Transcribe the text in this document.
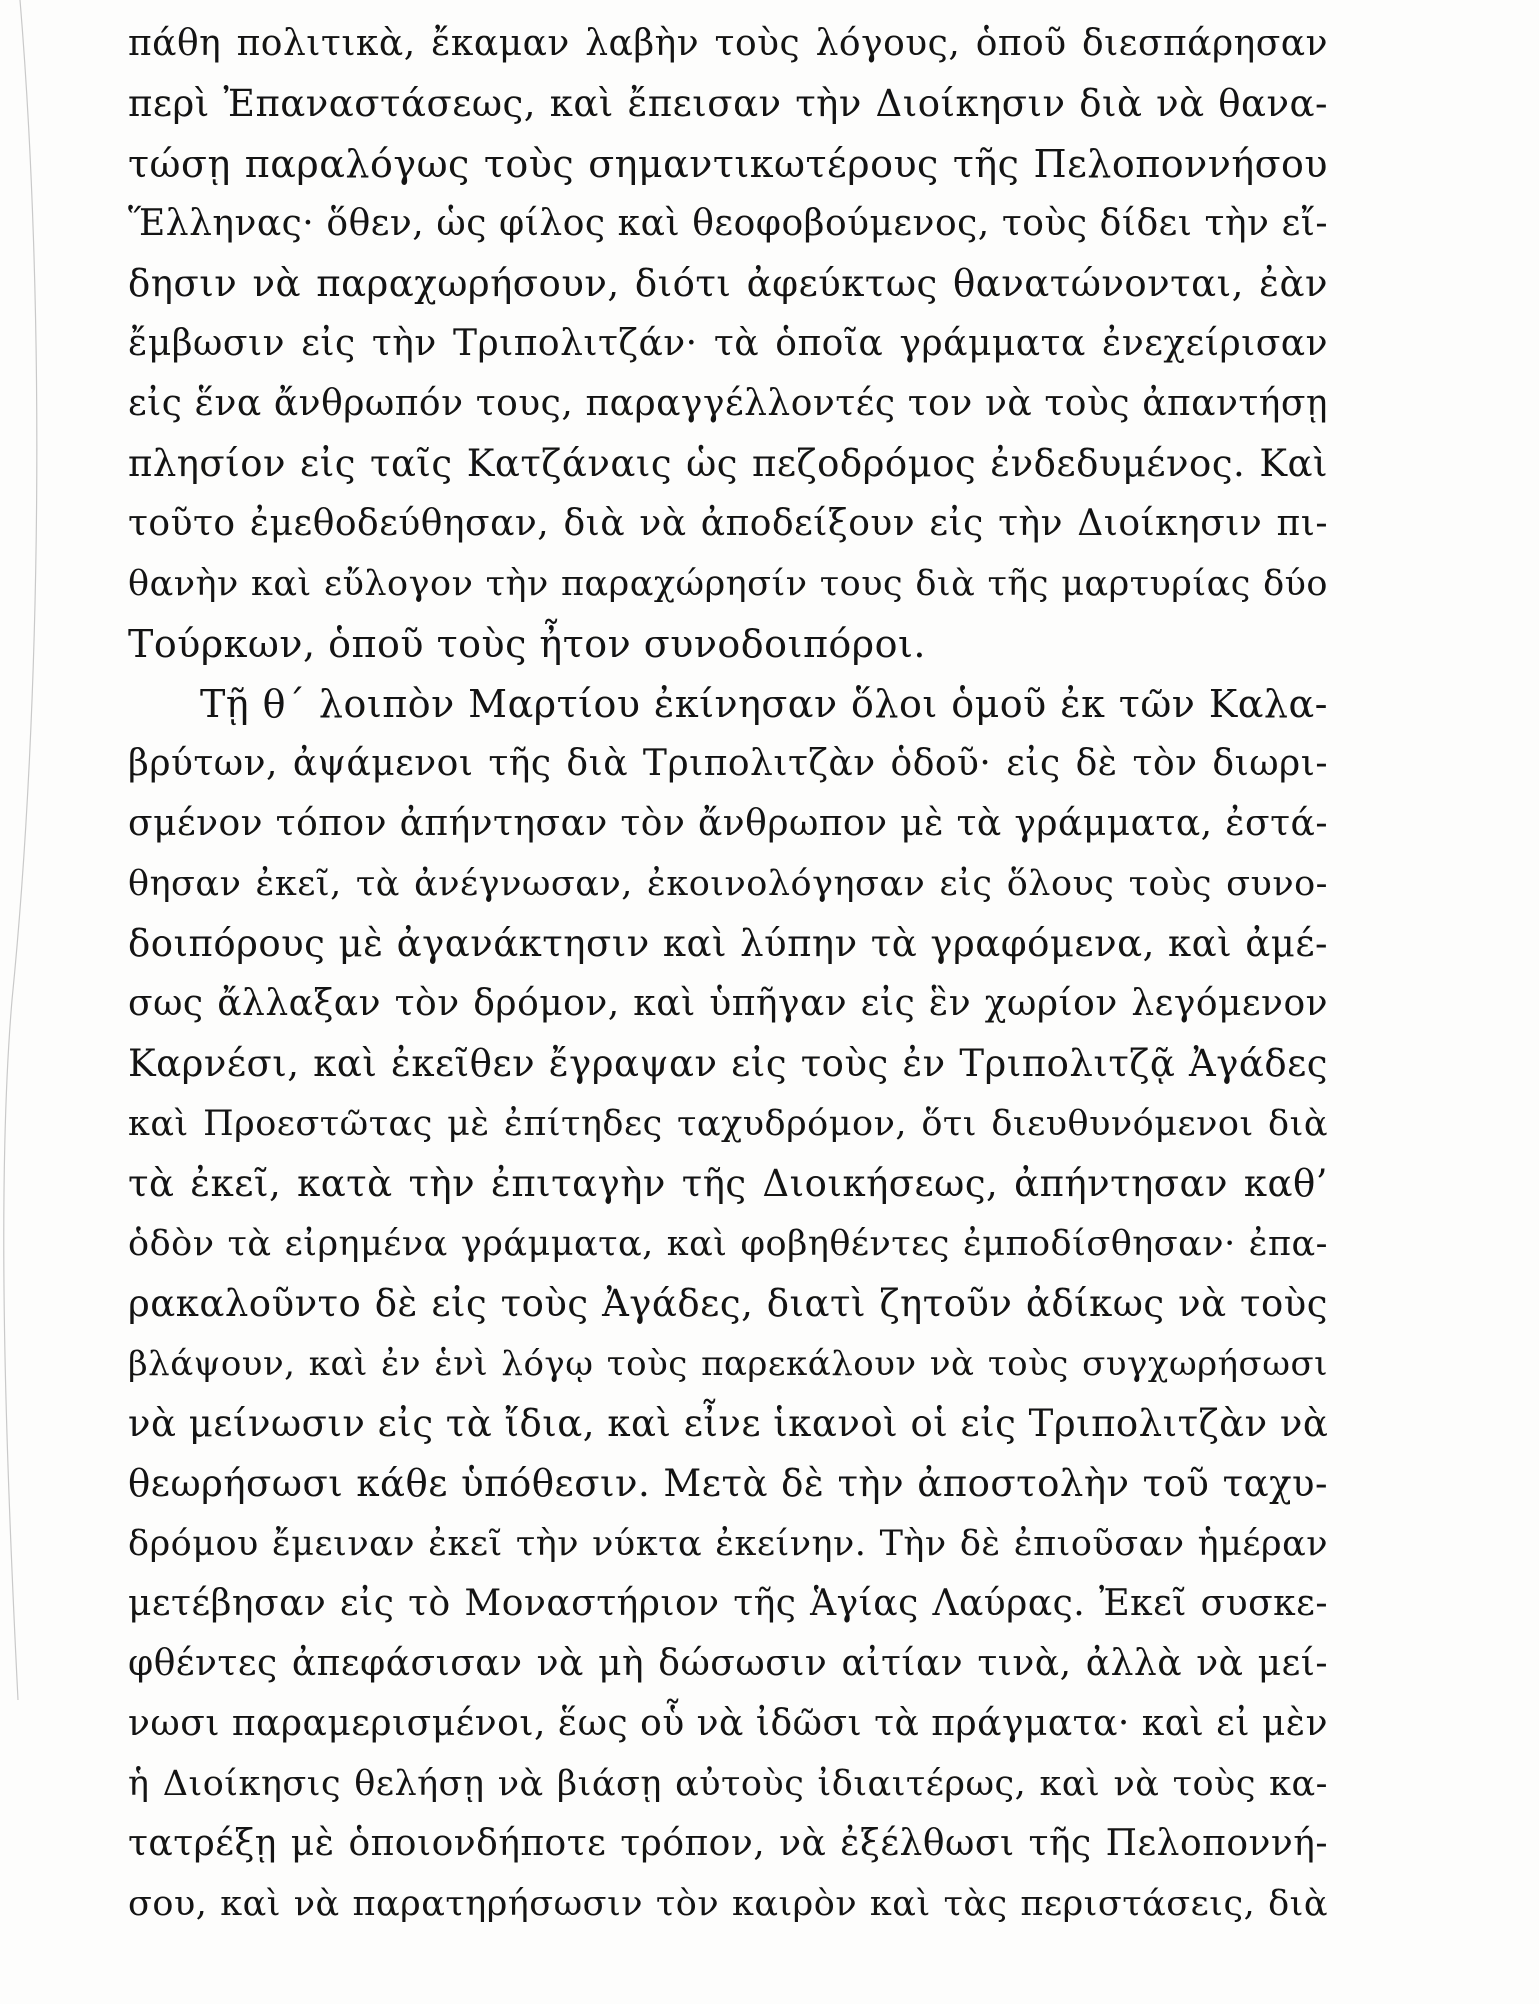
πάθη πολιτικὰ, ἔκαμαν λαβὴν τοὺς λόγους, ὁποῦ διεσπάρησαν
περὶ Ἐπαναστάσεως, καὶ ἔπεισαν τὴν Διοίκησιν διὰ νὰ θανα-
τώσῃ παραλόγως τοὺς σημαντικωτέρους τῆς Πελοποννήσου
Ἕλληνας· ὅθεν, ὡς φίλος καὶ θεοφοβούμενος, τοὺς δίδει τὴν εἴ-
δησιν νὰ παραχωρήσουν, διότι ἀφεύκτως θανατώνονται, ἐὰν
ἔμβωσιν εἰς τὴν Τριπολιτζάν· τὰ ὁποῖα γράμματα ἐνεχείρισαν
εἰς ἕνα ἄνθρωπόν τους, παραγγέλλοντές τον νὰ τοὺς ἀπαντήσῃ
πλησίον εἰς ταῖς Κατζάναις ὡς πεζοδρόμος ἐνδεδυμένος. Καὶ
τοῦτο ἐμεθοδεύθησαν, διὰ νὰ ἀποδείξουν εἰς τὴν Διοίκησιν πι-
θανὴν καὶ εὔλογον τὴν παραχώρησίν τους διὰ τῆς μαρτυρίας δύο
Τούρκων, ὁποῦ τοὺς ἦτον συνοδοιπόροι.
Τῇ θ΄ λοιπὸν Μαρτίου ἐκίνησαν ὅλοι ὁμοῦ ἐκ τῶν Καλα-
βρύτων, ἀψάμενοι τῆς διὰ Τριπολιτζὰν ὁδοῦ· εἰς δὲ τὸν διωρι-
σμένον τόπον ἀπήντησαν τὸν ἄνθρωπον μὲ τὰ γράμματα, ἐστά-
θησαν ἐκεῖ, τὰ ἀνέγνωσαν, ἐκοινολόγησαν εἰς ὅλους τοὺς συνο-
δοιπόρους μὲ ἀγανάκτησιν καὶ λύπην τὰ γραφόμενα, καὶ ἀμέ-
σως ἄλλαξαν τὸν δρόμον, καὶ ὑπῆγαν εἰς ἓν χωρίον λεγόμενον
Καρνέσι, καὶ ἐκεῖθεν ἔγραψαν εἰς τοὺς ἐν Τριπολιτζᾷ Ἀγάδες
καὶ Προεστῶτας μὲ ἐπίτηδες ταχυδρόμον, ὅτι διευθυνόμενοι διὰ
τὰ ἐκεῖ, κατὰ τὴν ἐπιταγὴν τῆς Διοικήσεως, ἀπήντησαν καθ’
ὁδὸν τὰ εἰρημένα γράμματα, καὶ φοβηθέντες ἐμποδίσθησαν· ἐπα-
ρακαλοῦντο δὲ εἰς τοὺς Ἀγάδες, διατὶ ζητοῦν ἀδίκως νὰ τοὺς
βλάψουν, καὶ ἐν ἑνὶ λόγῳ τοὺς παρεκάλουν νὰ τοὺς συγχωρήσωσι
νὰ μείνωσιν εἰς τὰ ἴδια, καὶ εἶνε ἱκανοὶ οἱ εἰς Τριπολιτζὰν νὰ
θεωρήσωσι κάθε ὑπόθεσιν. Μετὰ δὲ τὴν ἀποστολὴν τοῦ ταχυ-
δρόμου ἔμειναν ἐκεῖ τὴν νύκτα ἐκείνην. Τὴν δὲ ἐπιοῦσαν ἡμέραν
μετέβησαν εἰς τὸ Μοναστήριον τῆς Ἁγίας Λαύρας. Ἐκεῖ συσκε-
φθέντες ἀπεφάσισαν νὰ μὴ δώσωσιν αἰτίαν τινὰ, ἀλλὰ νὰ μεί-
νωσι παραμερισμένοι, ἕως οὗ νὰ ἰδῶσι τὰ πράγματα· καὶ εἰ μὲν
ἡ Διοίκησις θελήσῃ νὰ βιάσῃ αὐτοὺς ἰδιαιτέρως, καὶ νὰ τοὺς κα-
τατρέξῃ μὲ ὁποιονδήποτε τρόπον, νὰ ἐξέλθωσι τῆς Πελοποννή-
σου, καὶ νὰ παρατηρήσωσιν τὸν καιρὸν καὶ τὰς περιστάσεις, διὰ
